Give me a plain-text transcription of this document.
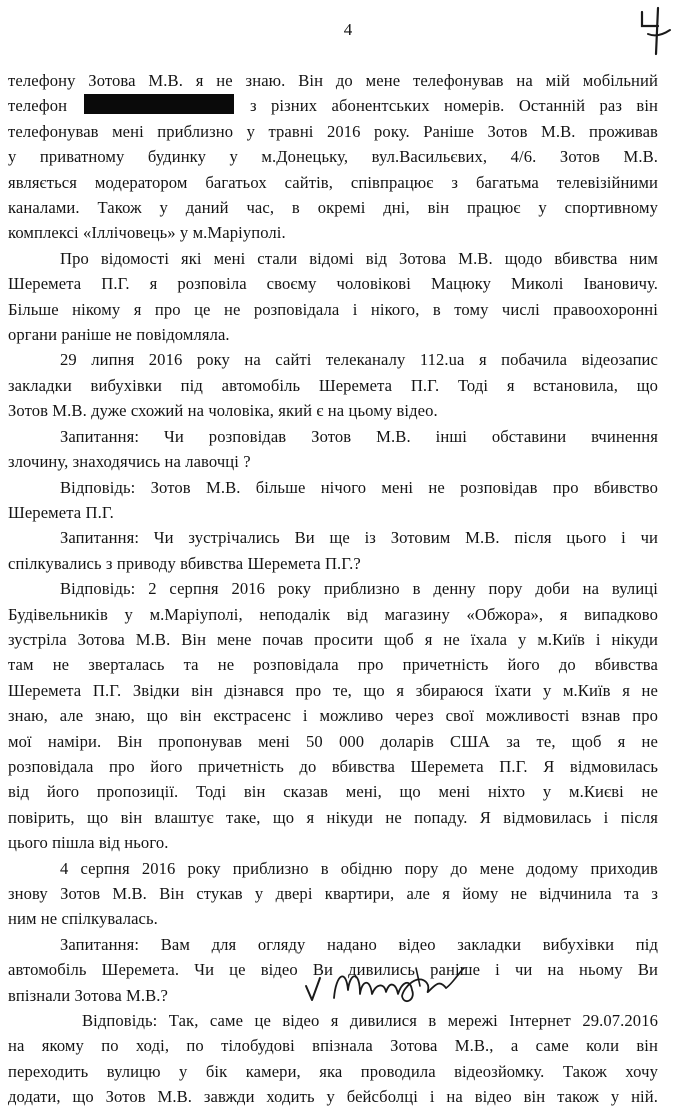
4
телефону Зотова М.В. я не знаю. Він до мене телефонував на мій мобільний
телефон	з різних абонентських номерів. Останній раз він
телефонував мені приблизно у травні 2016 року. Раніше Зотов М.В. проживав
у приватному будинку у м.Донецьку, вул.Васильєвих, 4/6. Зотов М.В.
являється модератором багатьох сайтів, співпрацює з багатьма телевізійними
каналами. Також у даний час, в окремі дні, він працює у спортивному
комплексі «Іллічовець» у м.Маріуполі.
Про відомості які мені стали відомі від Зотова М.В. щодо вбивства ним
Шеремета П.Г. я розповіла своєму чоловікові Мацюку Миколі Івановичу.
Більше нікому я про це не розповідала і нікого, в тому числі правоохоронні
органи раніше не повідомляла.
29 липня 2016 року на сайті телеканалу 112.ua я побачила відеозапис
закладки вибухівки під автомобіль Шеремета П.Г. Тоді я встановила, що
Зотов М.В. дуже схожий на чоловіка, який є на цьому відео.
Запитання: Чи розповідав Зотов М.В. інші обставини вчинення
злочину, знаходячись на лавочці ?
Відповідь: Зотов М.В. більше нічого мені не розповідав про вбивство
Шеремета П.Г.
Запитання: Чи зустрічались Ви ще із Зотовим М.В. після цього і чи
спілкувались з приводу вбивства Шеремета П.Г.?
Відповідь: 2 серпня 2016 року приблизно в денну пору доби на вулиці
Будівельників у м.Маріуполі, неподалік від магазину «Обжора», я випадково
зустріла Зотова М.В. Він мене почав просити щоб я не їхала у м.Київ і нікуди
там не зверталась та не розповідала про причетність його до вбивства
Шеремета П.Г. Звідки він дізнався про те, що я збираюся їхати у м.Київ я не
знаю, але знаю, що він екстрасенс і можливо через свої можливості взнав про
мої наміри. Він пропонував мені 50 000 доларів США за те, щоб я не
розповідала про його причетність до вбивства Шеремета П.Г. Я відмовилась
від його пропозиції. Тоді він сказав мені, що мені ніхто у м.Києві не
повірить, що він влаштує таке, що я нікуди не попаду. Я відмовилась і після
цього пішла від нього.
4 серпня 2016 року приблизно в обідню пору до мене додому приходив
знову Зотов М.В. Він стукав у двері квартири, але я йому не відчинила та з
ним не спілкувалась.
Запитання: Вам для огляду надано відео закладки вибухівки під
автомобіль Шеремета. Чи це відео Ви дивились раніше і чи на ньому Ви
впізнали Зотова М.В.?
Відповідь: Так, саме це відео я дивилися в мережі Інтернет 29.07.2016
на якому по ході, по тілобудові впізнала Зотова М.В., а саме коли він
переходить вулицю у бік камери, яка проводила відеозйомку. Також хочу
додати, що Зотов М.В. завжди ходить у бейсболці і на відео він також у ній.
